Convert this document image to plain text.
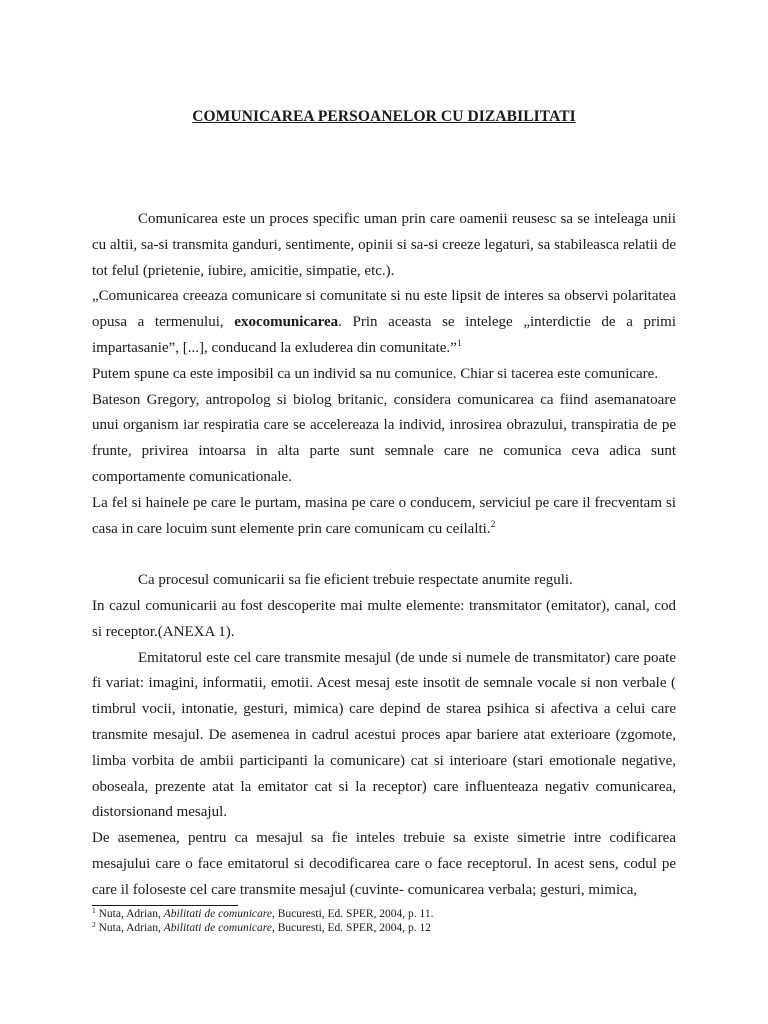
COMUNICAREA PERSOANELOR CU DIZABILITATI

Comunicarea este un proces specific uman prin care oamenii reusesc sa se inteleaga unii cu altii, sa-si transmita ganduri, sentimente, opinii si sa-si creeze legaturi, sa stabileasca relatii de tot felul (prietenie, iubire, amicitie, simpatie, etc.).

„Comunicarea creeaza comunicare si comunitate si nu este lipsit de interes sa observi polaritatea opusa a termenului, exocomunicarea. Prin aceasta se intelege „interdictie de a primi impartasanie”, [...], conducand la exluderea din comunitate.”$^1$

Putem spune ca este imposibil ca un individ sa nu comunice. Chiar si tacerea este comunicare.

Bateson Gregory, antropolog si biolog britanic, considera comunicarea ca fiind asemanatoare unui organism iar respiratia care se accelereaza la individ, inrosirea obrazului, transpiratia de pe frunte, privirea intoarsa in alta parte sunt semnale care ne comunica ceva adica sunt comportamente comunicationale.

La fel si hainele pe care le purtam, masina pe care o conducem, serviciul pe care il frecventam si casa in care locuim sunt elemente prin care comunicam cu ceilalti.$^2$

Ca procesul comunicarii sa fie eficient trebuie respectate anumite reguli.

In cazul comunicarii au fost descoperite mai multe elemente: transmitator (emitator), canal, cod si receptor.(ANEXA 1).

Emitatorul este cel care transmite mesajul (de unde si numele de transmitator) care poate fi variat: imagini, informatii, emotii. Acest mesaj este insotit de semnale vocale si non verbale ( timbrul vocii, intonatie, gesturi, mimica) care depind de starea psihica si afectiva a celui care transmite mesajul. De asemenea in cadrul acestui proces apar bariere atat exterioare (zgomote, limba vorbita de ambii participanti la comunicare) cat si interioare (stari emotionale negative, oboseala, prezente atat la emitator cat si la receptor) care influenteaza negativ comunicarea, distorsionand mesajul.

De asemenea, pentru ca mesajul sa fie inteles trebuie sa existe simetrie intre codificarea mesajului care o face emitatorul si decodificarea care o face receptorul. In acest sens, codul pe care il foloseste cel care transmite mesajul (cuvinte- comunicarea verbala; gesturi, mimica,

$^1$ Nuta, Adrian, Abilitati de comunicare, Bucuresti, Ed. SPER, 2004, p. 11.

$^2$ Nuta, Adrian, Abilitati de comunicare, Bucuresti, Ed. SPER, 2004, p. 12
